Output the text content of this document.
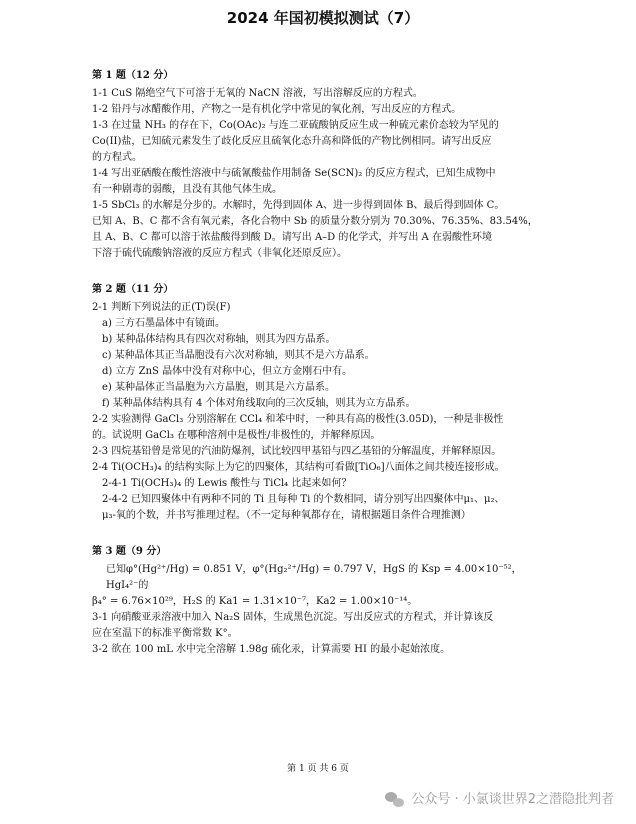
2024 年国初模拟测试（7）
第 1 题（12 分）
1-1 CuS 隔绝空气下可溶于无氧的 NaCN 溶液，写出溶解反应的方程式。
1-2 铅丹与冰醋酸作用，产物之一是有机化学中常见的氧化剂，写出反应的方程式。
1-3 在过量 NH₃ 的存在下，Co(OAc)₂ 与连二亚硫酸钠反应生成一种硫元素价态较为罕见的
Co(II)盐，已知硫元素发生了歧化反应且硫氧化态升高和降低的产物比例相同。请写出反应
的方程式。
1-4 写出亚硒酸在酸性溶液中与硫氰酸盐作用制备 Se(SCN)₂ 的反应方程式，已知生成物中
有一种剧毒的弱酸，且没有其他气体生成。
1-5 SbCl₃ 的水解是分步的。水解时，先得到固体 A、进一步得到固体 B、最后得到固体 C。
已知 A、B、C 都不含有氧元素，各化合物中 Sb 的质量分数分别为 70.30%、76.35%、83.54%，
且 A、B、C 都可以溶于浓盐酸得到酸 D。请写出 A–D 的化学式，并写出 A 在弱酸性环境
下溶于硫代硫酸钠溶液的反应方程式（非氧化还原反应）。
第 2 题（11 分）
2-1 判断下列说法的正(T)误(F)
a) 三方石墨晶体中有镜面。
b) 某种晶体结构具有四次对称轴，则其为四方晶系。
c) 某种晶体其正当晶胞没有六次对称轴，则其不是六方晶系。
d) 立方 ZnS 晶体中没有对称中心，但立方金刚石中有。
e) 某种晶体正当晶胞为六方晶胞，则其是六方晶系。
f) 某种晶体结构具有 4 个体对角线取向的三次反轴，则其为立方晶系。
2-2 实验测得 GaCl₃ 分别溶解在 CCl₄ 和苯中时，一种具有高的极性(3.05D)，一种是非极性
的。试说明 GaCl₃ 在哪种溶剂中是极性/非极性的，并解释原因。
2-3 四烷基铅曾是常见的汽油防爆剂，试比较四甲基铅与四乙基铅的分解温度，并解释原因。
2-4 Ti(OCH₃)₄ 的结构实际上为它的四聚体，其结构可看做[TiO₆]八面体之间共棱连接形成。
2-4-1 Ti(OCH₃)₄ 的 Lewis 酸性与 TiCl₄ 比起来如何？
2-4-2 已知四聚体中有两种不同的 Ti 且每种 Ti 的个数相同，请分别写出四聚体中μ₁、μ₂、
μ₃-氧的个数，并书写推理过程。（不一定每种氧都存在，请根据题目条件合理推测）
第 3 题（9 分）
已知φ°(Hg²⁺/Hg) = 0.851 V，φ°(Hg₂²⁺/Hg) = 0.797 V，HgS 的 Ksp = 4.00×10⁻⁵²，HgI₄²⁻的
β₄° = 6.76×10²⁹，H₂S 的 Ka1 = 1.31×10⁻⁷，Ka2 = 1.00×10⁻¹⁴。
3-1 向硝酸亚汞溶液中加入 Na₂S 固体，生成黑色沉淀。写出反应式的方程式，并计算该反
应在室温下的标准平衡常数 K°。
3-2 欲在 100 mL 水中完全溶解 1.98g 硫化汞，计算需要 HI 的最小起始浓度。
第 1 页 共 6 页
公众号 · 小氯谈世界2之潜隐批判者
